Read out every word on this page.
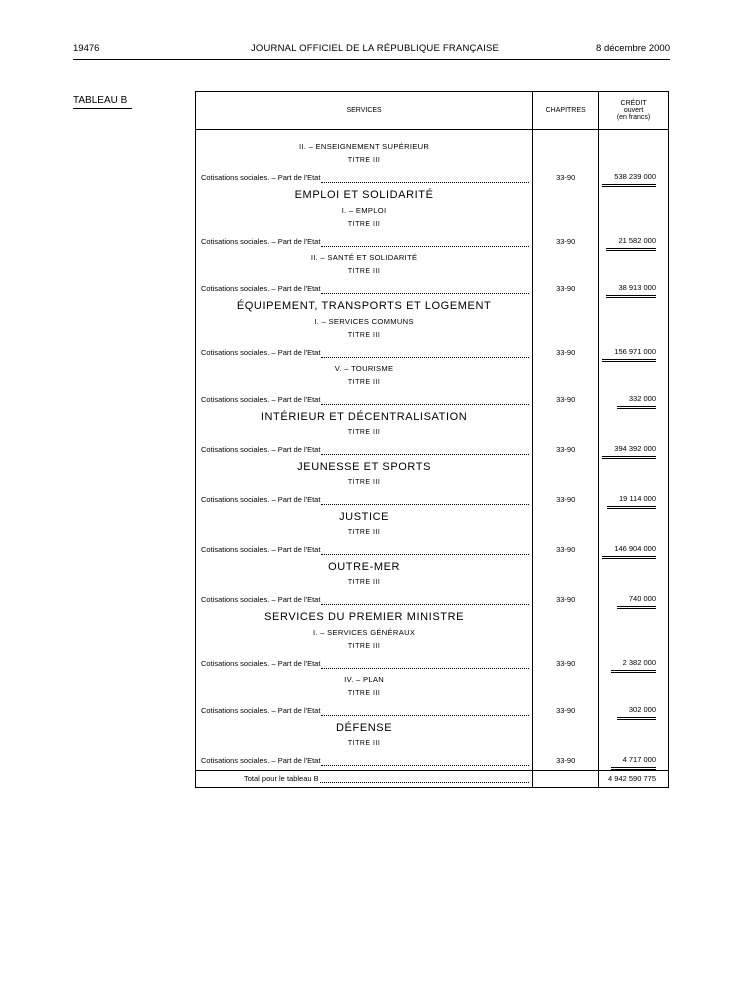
19476	JOURNAL OFFICIEL DE LA RÉPUBLIQUE FRANÇAISE	8 décembre 2000
TABLEAU B
SERVICES	CHAPITRES	CRÉDIT
ouvert
(en francs)

II. – ENSEIGNEMENT SUPÉRIEUR		

TITRE III		

Cotisations sociales. – Part de l'Etat	33-90	538 239 000

EMPLOI ET SOLIDARITÉ		

I. – EMPLOI		

TITRE III		

Cotisations sociales. – Part de l'Etat	33-90	21 582 000

II. – SANTÉ ET SOLIDARITÉ		

TITRE III		

Cotisations sociales. – Part de l'Etat	33-90	38 913 000

ÉQUIPEMENT, TRANSPORTS ET LOGEMENT		

I. – SERVICES COMMUNS		

TITRE III		

Cotisations sociales. – Part de l'Etat	33-90	156 971 000

V. – TOURISME		

TITRE III		

Cotisations sociales. – Part de l'Etat	33-90	332 000

INTÉRIEUR ET DÉCENTRALISATION		

TITRE III		

Cotisations sociales. – Part de l'Etat	33-90	394 392 000

JEUNESSE ET SPORTS		

TITRE III		

Cotisations sociales. – Part de l'Etat	33-90	19 114 000

JUSTICE		

TITRE III		

Cotisations sociales. – Part de l'Etat	33-90	146 904 000

OUTRE-MER		

TITRE III		

Cotisations sociales. – Part de l'Etat	33-90	740 000

SERVICES DU PREMIER MINISTRE		

I. – SERVICES GÉNÉRAUX		

TITRE III		

Cotisations sociales. – Part de l'Etat	33-90	2 382 000

IV. – PLAN		

TITRE III		

Cotisations sociales. – Part de l'Etat	33-90	302 000

DÉFENSE		

TITRE III		

Cotisations sociales. – Part de l'Etat	33-90	4 717 000

Total pour le tableau B		4 942 590 775
